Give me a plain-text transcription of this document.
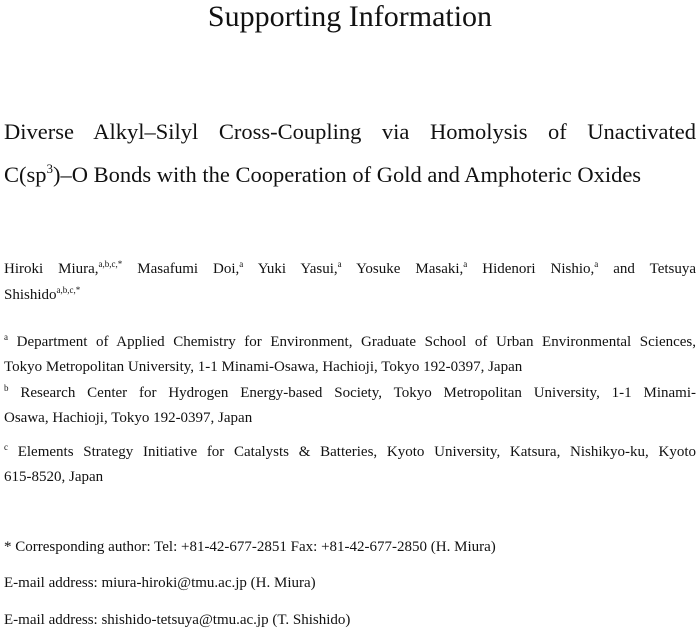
Supporting Information
Diverse Alkyl–Silyl Cross-Coupling via Homolysis of Unactivated
$C(sp^3)-O$ Bonds with the Cooperation of Gold and Amphoteric Oxides
Hiroki Miura,$^{a,b,c,*}$ Masafumi Doi,$^a$ Yuki Yasui,$^a$ Yosuke Masaki,$^a$ Hidenori Nishio,$^a$ and Tetsuya
Shishido$^{a,b,c,*}$
$^a$ Department of Applied Chemistry for Environment, Graduate School of Urban Environmental Sciences,
Tokyo Metropolitan University, 1-1 Minami-Osawa, Hachioji, Tokyo 192-0397, Japan
$^b$ Research Center for Hydrogen Energy-based Society, Tokyo Metropolitan University, 1-1 Minami-
Osawa, Hachioji, Tokyo 192-0397, Japan
$^c$ Elements Strategy Initiative for Catalysts & Batteries, Kyoto University, Katsura, Nishikyo-ku, Kyoto
615-8520, Japan
* Corresponding author: Tel: +81-42-677-2851 Fax: +81-42-677-2850 (H. Miura)
E-mail address: miura-hiroki@tmu.ac.jp (H. Miura)
E-mail address: shishido-tetsuya@tmu.ac.jp (T. Shishido)
